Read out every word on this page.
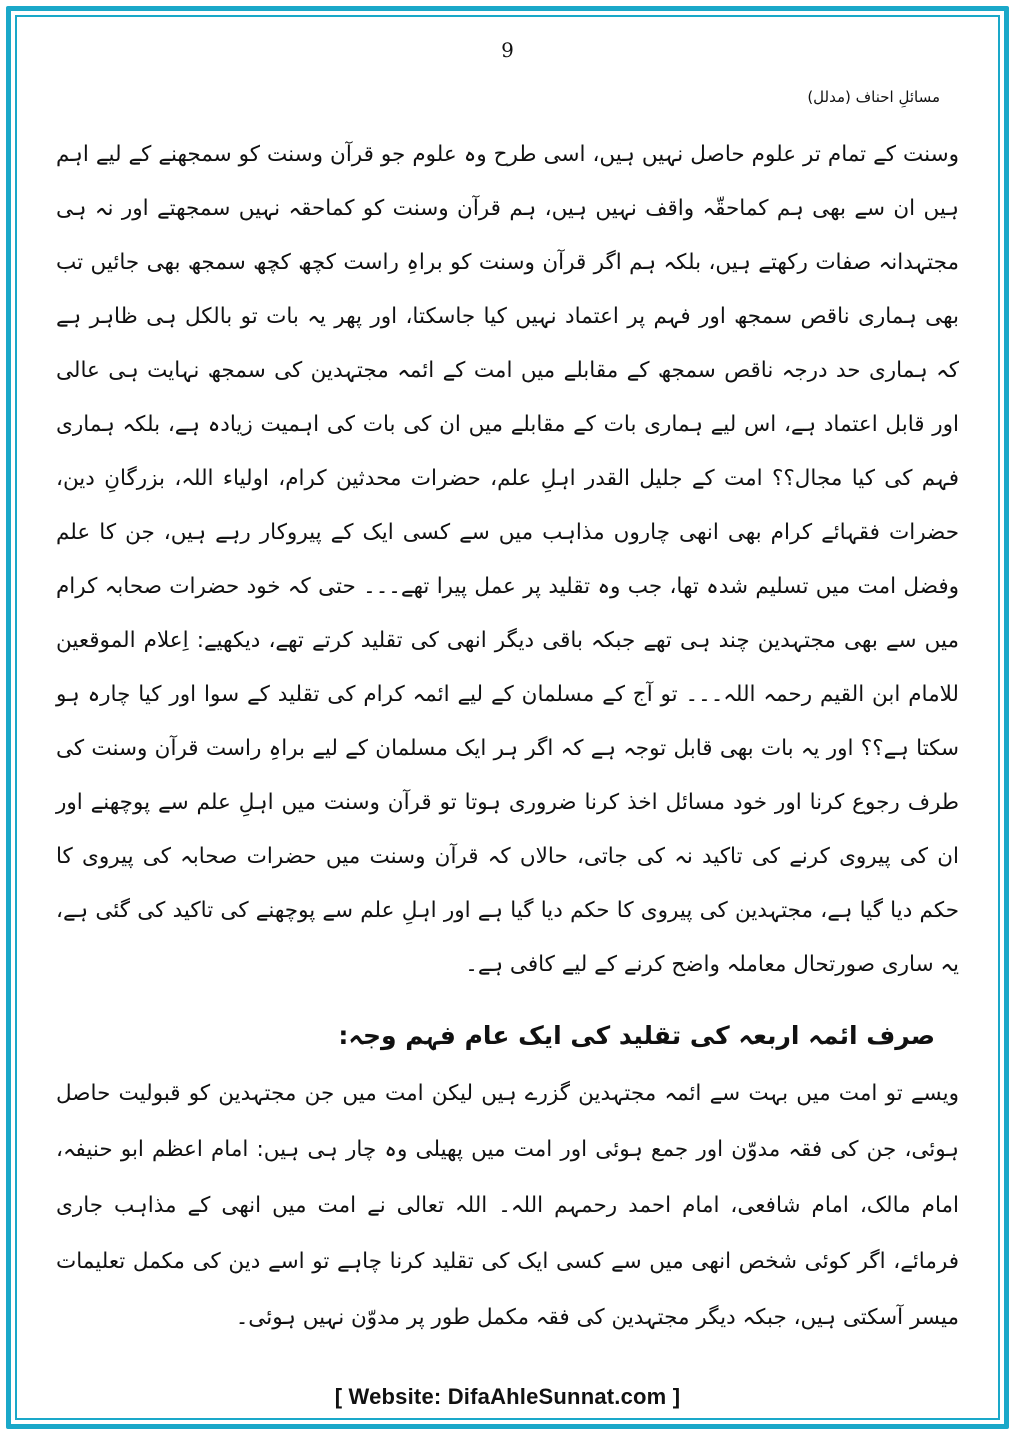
9
مسائلِ احناف (مدلل)

وسنت کے تمام تر علوم حاصل نہیں ہیں، اسی طرح وہ علوم جو قرآن وسنت کو سمجھنے کے لیے اہم ہیں ان سے بھی ہم کماحقّہ واقف نہیں ہیں، ہم قرآن وسنت کو کماحقہ نہیں سمجھتے اور نہ ہی مجتہدانہ صفات رکھتے ہیں، بلکہ ہم اگر قرآن وسنت کو براہِ راست کچھ کچھ سمجھ بھی جائیں تب بھی ہماری ناقص سمجھ اور فہم پر اعتماد نہیں کیا جاسکتا، اور پھر یہ بات تو بالکل ہی ظاہر ہے کہ ہماری حد درجہ ناقص سمجھ کے مقابلے میں امت کے ائمہ مجتہدین کی سمجھ نہایت ہی عالی اور قابل اعتماد ہے، اس لیے ہماری بات کے مقابلے میں ان کی بات کی اہمیت زیادہ ہے، بلکہ ہماری فہم کی کیا مجال؟؟ امت کے جلیل القدر اہلِ علم، حضرات محدثین کرام، اولیاء اللہ، بزرگانِ دین، حضرات فقہائے کرام بھی انھی چاروں مذاہب میں سے کسی ایک کے پیروکار رہے ہیں، جن کا علم وفضل امت میں تسلیم شدہ تھا، جب وہ تقلید پر عمل پیرا تھے۔۔۔ حتی کہ خود حضرات صحابہ کرام میں سے بھی مجتہدین چند ہی تھے جبکہ باقی دیگر انھی کی تقلید کرتے تھے، دیکھیے: اِعلام الموقعین للامام ابن القیم رحمہ اللہ۔۔۔ تو آج کے مسلمان کے لیے ائمہ کرام کی تقلید کے سوا اور کیا چارہ ہو سکتا ہے؟؟ اور یہ بات بھی قابل توجہ ہے کہ اگر ہر ایک مسلمان کے لیے براہِ راست قرآن وسنت کی طرف رجوع کرنا اور خود مسائل اخذ کرنا ضروری ہوتا تو قرآن وسنت میں اہلِ علم سے پوچھنے اور ان کی پیروی کرنے کی تاکید نہ کی جاتی، حالاں کہ قرآن وسنت میں حضرات صحابہ کی پیروی کا حکم دیا گیا ہے، مجتہدین کی پیروی کا حکم دیا گیا ہے اور اہلِ علم سے پوچھنے کی تاکید کی گئی ہے، یہ ساری صورتحال معاملہ واضح کرنے کے لیے کافی ہے۔

صرف ائمہ اربعہ کی تقلید کی ایک عام فہم وجہ:

ویسے تو امت میں بہت سے ائمہ مجتہدین گزرے ہیں لیکن امت میں جن مجتہدین کو قبولیت حاصل ہوئی، جن کی فقہ مدوّن اور جمع ہوئی اور امت میں پھیلی وہ چار ہی ہیں: امام اعظم ابو حنیفہ، امام مالک، امام شافعی، امام احمد رحمہم اللہ۔ اللہ تعالی نے امت میں انھی کے مذاہب جاری فرمائے، اگر کوئی شخص انھی میں سے کسی ایک کی تقلید کرنا چاہے تو اسے دین کی مکمل تعلیمات میسر آسکتی ہیں، جبکہ دیگر مجتہدین کی فقہ مکمل طور پر مدوّن نہیں ہوئی۔

[ Website: DifaAhleSunnat.com ]
